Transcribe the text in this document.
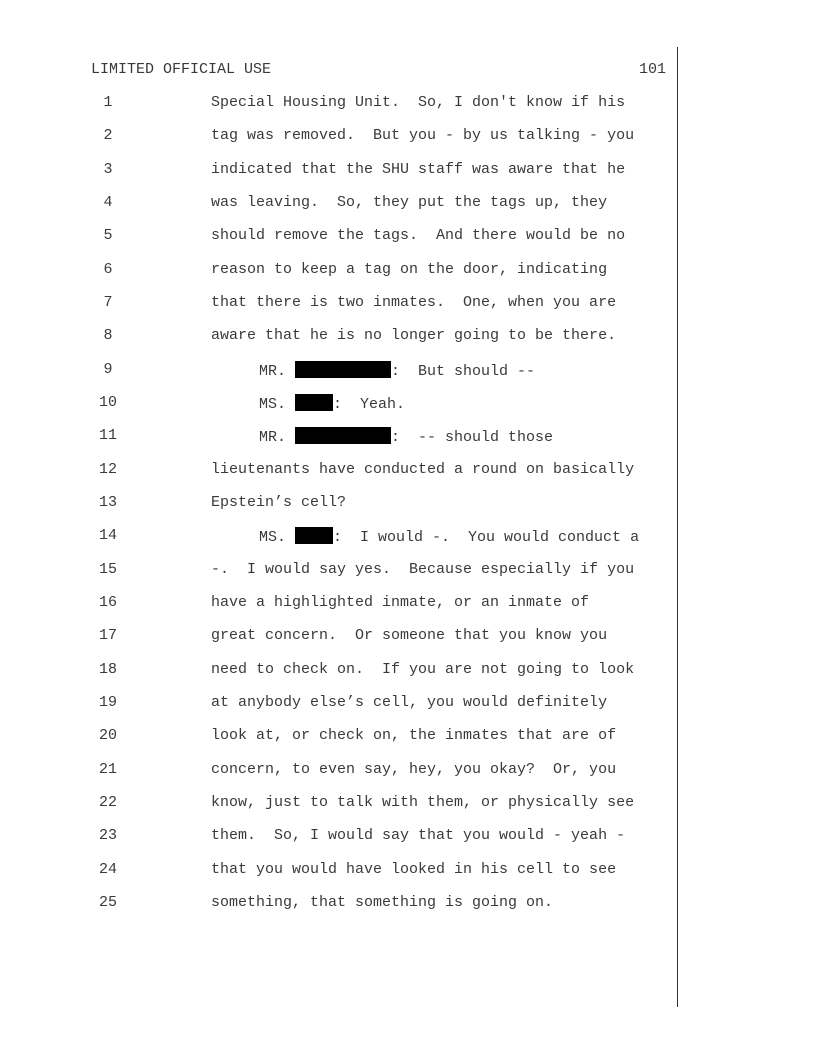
LIMITED OFFICIAL USE	101
1	Special Housing Unit.  So, I don't know if his
2	tag was removed.  But you - by us talking - you
3	indicated that the SHU staff was aware that he
4	was leaving.  So, they put the tags up, they
5	should remove the tags.  And there would be no
6	reason to keep a tag on the door, indicating
7	that there is two inmates.  One, when you are
8	aware that he is no longer going to be there.
9	MR.	:  But should --
10	MS.	:  Yeah.
11	MR.	:  -- should those
12	lieutenants have conducted a round on basically
13	Epstein’s cell?
14	MS.	:  I would -.  You would conduct a
15	-.  I would say yes.  Because especially if you
16	have a highlighted inmate, or an inmate of
17	great concern.  Or someone that you know you
18	need to check on.  If you are not going to look
19	at anybody else’s cell, you would definitely
20	look at, or check on, the inmates that are of
21	concern, to even say, hey, you okay?  Or, you
22	know, just to talk with them, or physically see
23	them.  So, I would say that you would - yeah -
24	that you would have looked in his cell to see
25	something, that something is going on.
